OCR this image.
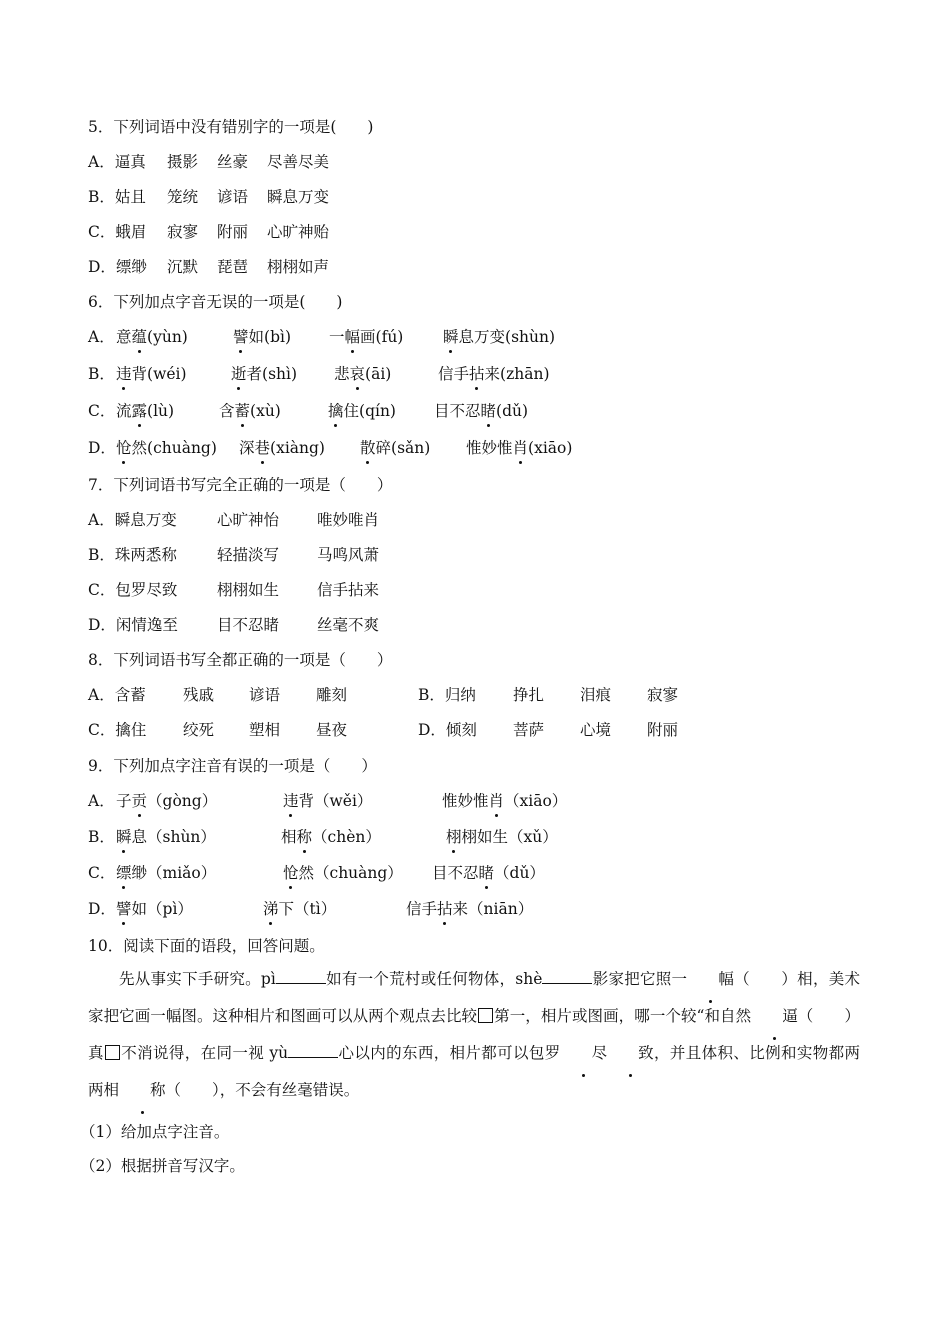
5．下列词语中没有错别字的一项是(　　)
A．逼真 摄影 丝豪 尽善尽美
B．姑且 笼统 谚语 瞬息万变
C．蛾眉 寂寥 附丽 心旷神贻
D．缥缈 沉默 琵琶 栩栩如声
6．下列加点字音无误的一项是(　　)
A． 意蕴(yùn)	譬如(bì) 一幅画(fú)	瞬息万变(shùn)
B． 违背(wéi)	逝者(shì) 悲哀(āi)	信手拈来(zhān)
C． 流露(lù)	含蓄(xù)	擒住(qín) 目不忍睹(dǔ)
D． 怆然(chuàng) 深巷(xiàng) 散碎(sǎn) 惟妙惟肖(xiāo)
7．下列词语书写完全正确的一项是（　　）
A．瞬息万变	心旷神怡 唯妙唯肖
B．珠两悉称	轻描淡写 马鸣风萧
C．包罗尽致	栩栩如生 信手拈来
D．闲情逸至	目不忍睹 丝毫不爽
8．下列词语书写全都正确的一项是（　　）
A．含蓄 残戚 谚语 雕刻	B．归纳 挣扎 泪痕 寂寥
C．擒住 绞死 塑相 昼夜	D．倾刻 菩萨 心境 附丽
9．下列加点字注音有误的一项是（　　）
A． 子贡（gòng）	违背（wěi）	惟妙惟肖（xiāo）
B． 瞬息（shùn）	相称（chèn）	栩栩如生（xǔ）
C． 缥缈（miǎo）	怆然（chuàng） 目不忍睹（dǔ）
D． 譬如（pì）	涕下（tì）	信手拈来（niān）
10．阅读下面的语段，回答问题。
先从事实下手研究。pì	如有一个荒村或任何物体，shè	影家把它照一 幅（　　）相，美术家把它画一幅图。这种相片和图画可以从两个观点去比较 第一，相片或图画，哪一个较“和自然 逼（　　）真 不消说得，在同一视 yù	心以内的东西，相片都可以包罗 尽 致，并且体积、比例和实物都两两相 称（　　），不会有丝毫错误。
（1）给加点字注音。
（2）根据拼音写汉字。
